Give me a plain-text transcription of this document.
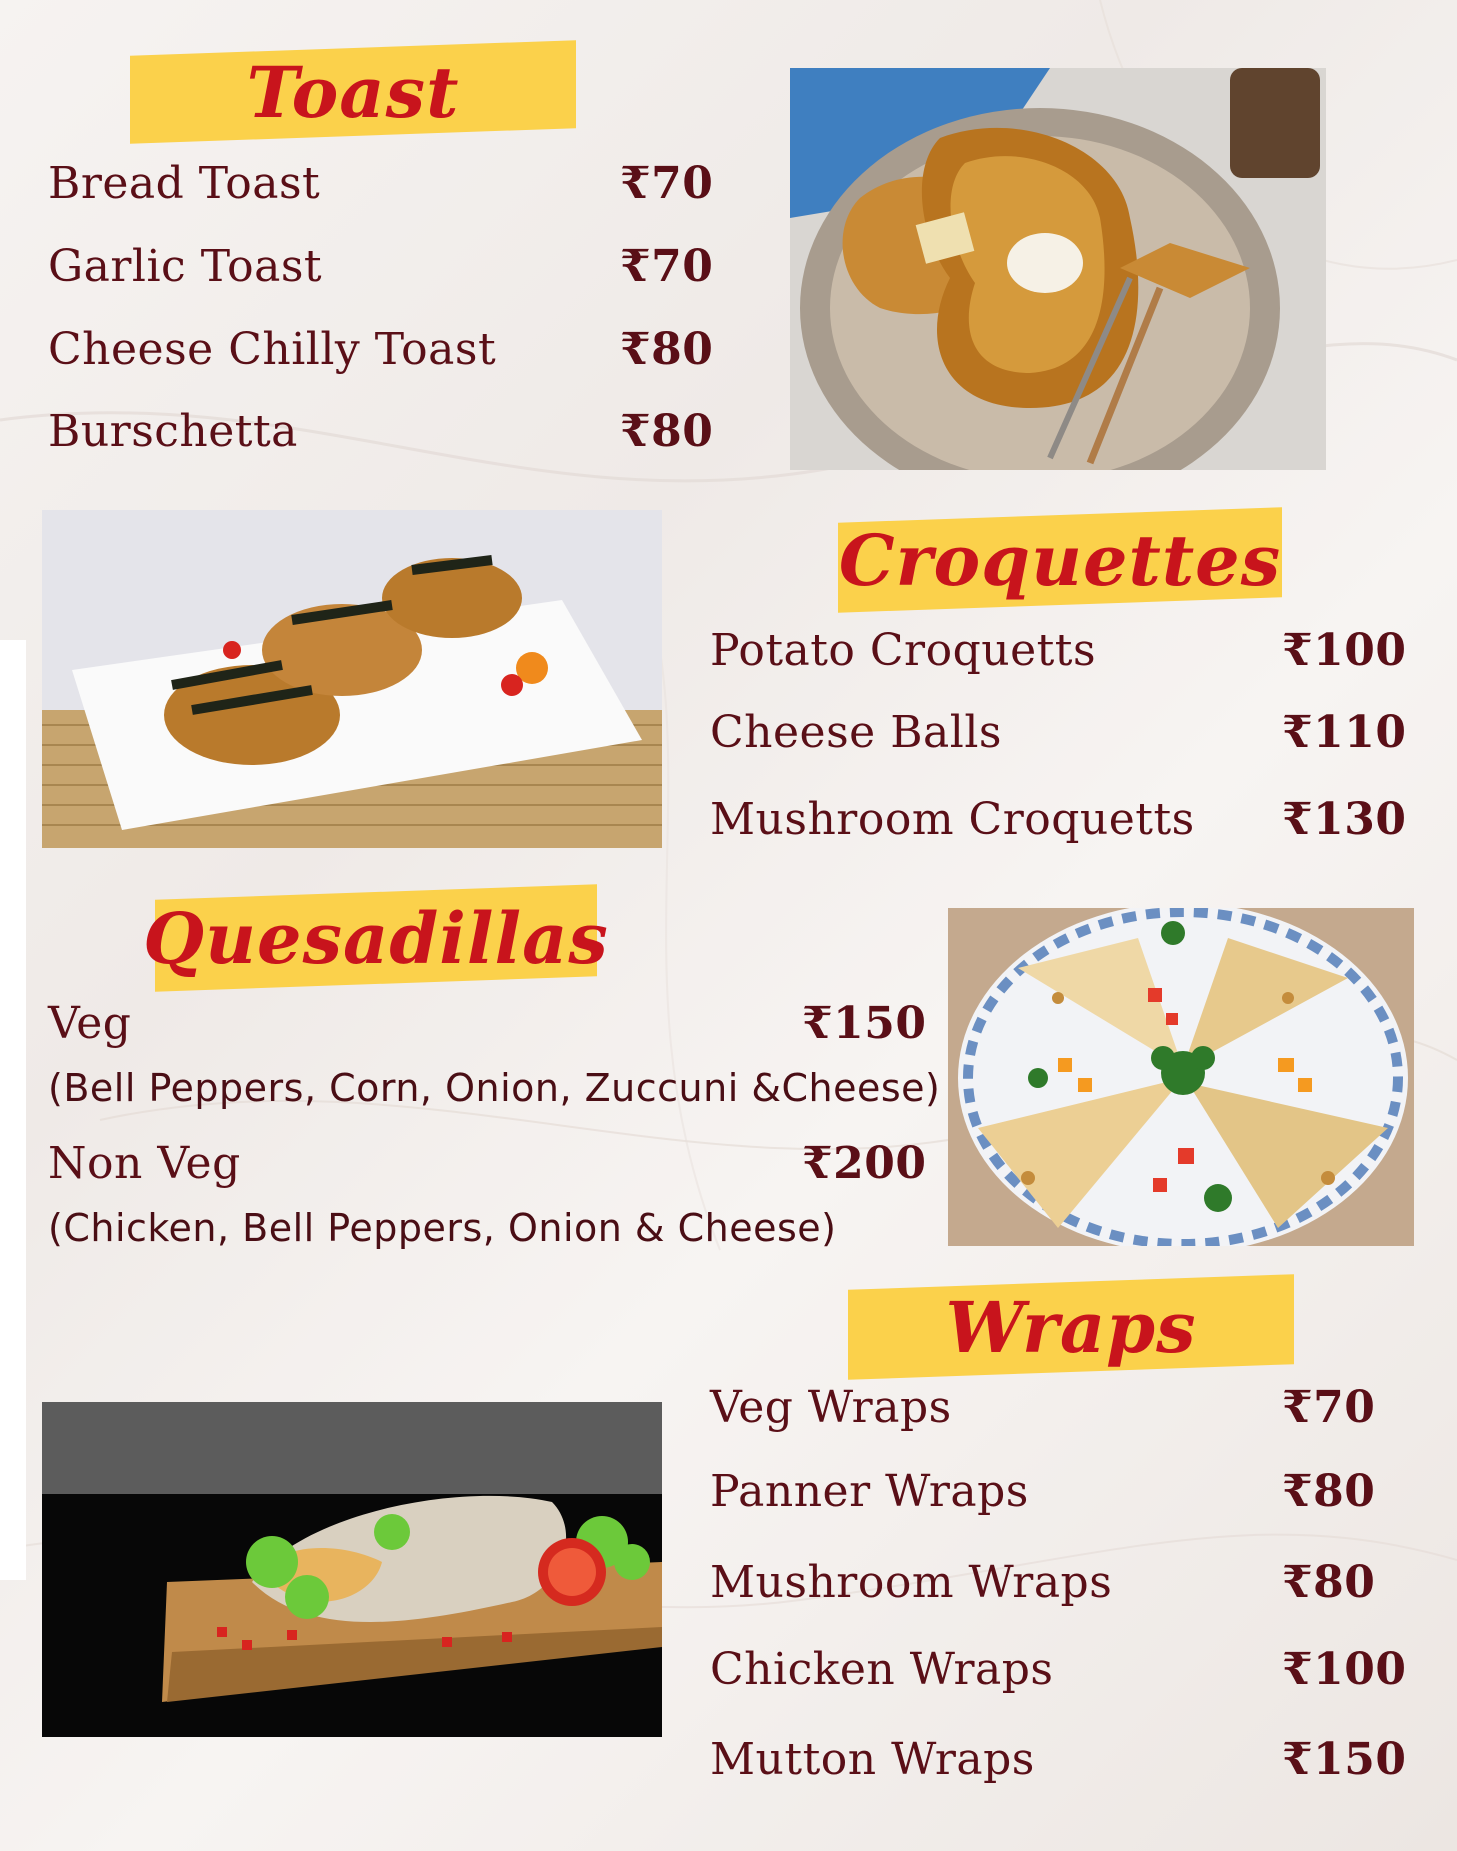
Toast
Bread Toast	₹70
Garlic Toast	₹70
Cheese Chilly Toast	₹80
Burschetta	₹80
Croquettes
Potato Croquetts	₹100
Cheese Balls	₹110
Mushroom Croquetts ₹130
Quesadillas
Veg	₹150
(Bell Peppers, Corn, Onion, Zuccuni &Cheese)
Non Veg	₹200
(Chicken, Bell Peppers, Onion & Cheese)
Wraps
Veg Wraps	₹70
Panner Wraps	₹80
Mushroom Wraps	₹80
Chicken Wraps	₹100
Mutton Wraps	₹150
